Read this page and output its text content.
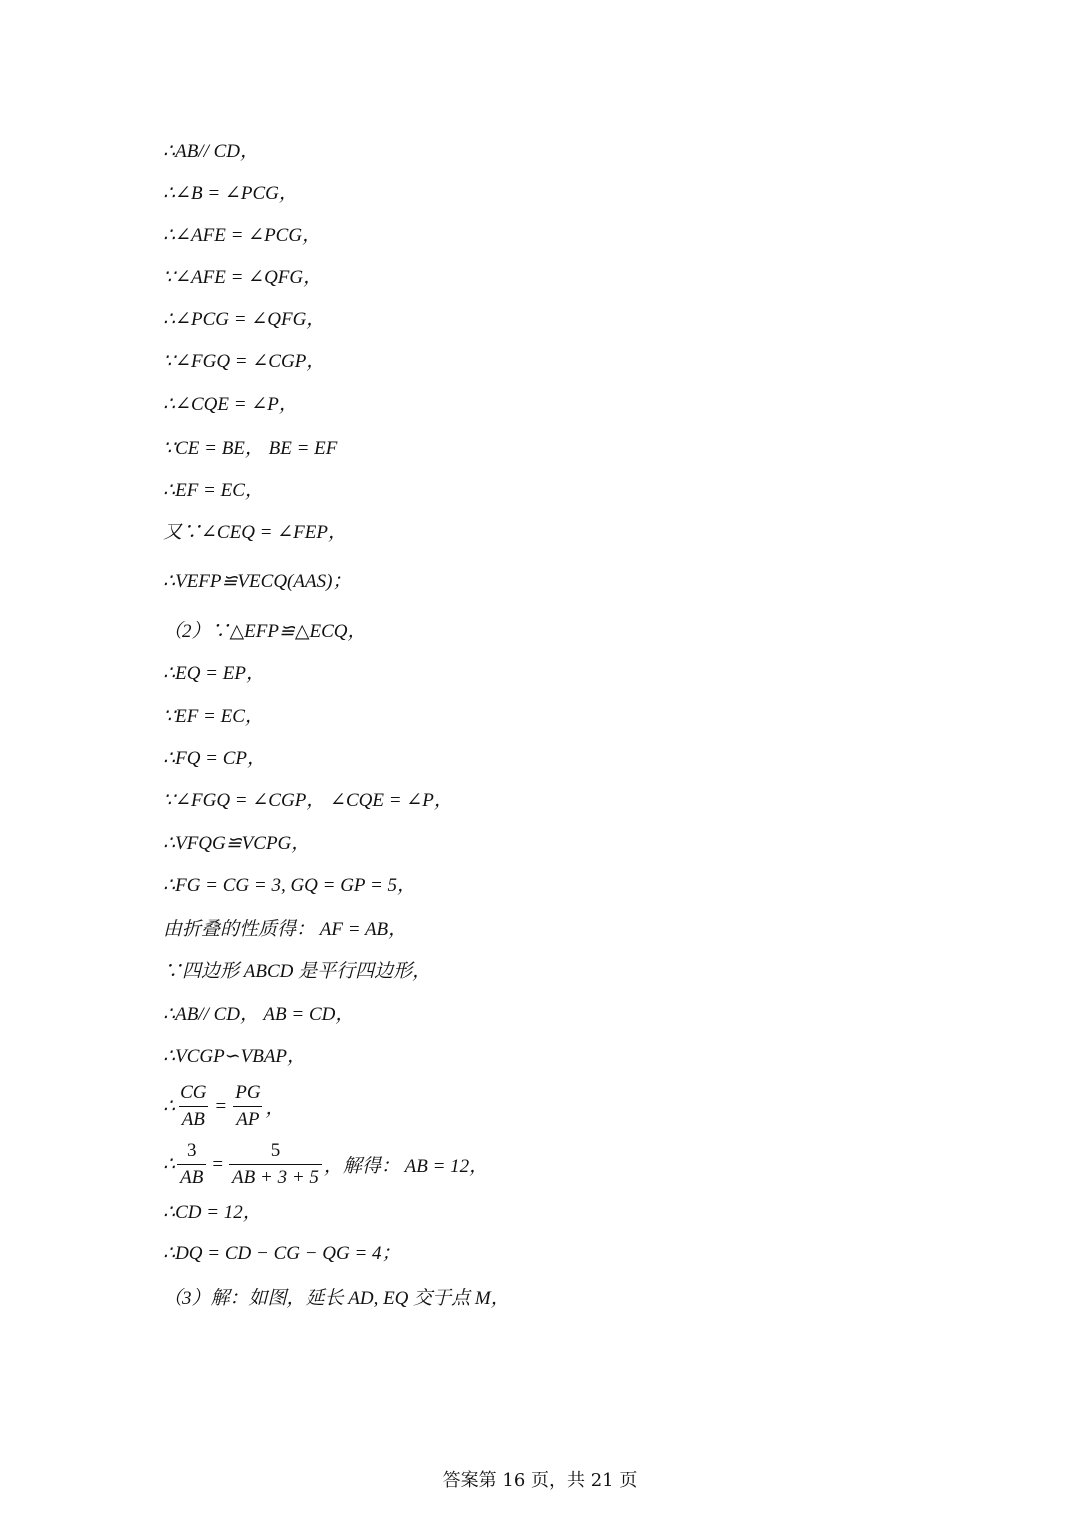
∴AB// CD，
∴∠B = ∠PCG，
∴∠AFE = ∠PCG，
∵∠AFE = ∠QFG，
∴∠PCG = ∠QFG，
∵∠FGQ = ∠CGP，
∴∠CQE = ∠P，
∵CE = BE， BE = EF
∴EF = EC，
又∵∠CEQ = ∠FEP，
∴VEFP≌VECQ(AAS)；
（2）∵△EFP≌△ECQ，
∴EQ = EP，
∵EF = EC，
∴FQ = CP，
∵∠FGQ = ∠CGP， ∠CQE = ∠P，
∴VFQG≌VCPG，
∴FG = CG = 3, GQ = GP = 5，
由折叠的性质得： AF = AB，
∵四边形 ABCD 是平行四边形，
∴AB// CD， AB = CD，
∴VCGP∽VBAP，
∴ $\frac{CG}{AB} = \frac{PG}{AP}$ ，
∴ $\frac{3}{AB} = \frac{5}{AB + 3 + 5}$ ，解得： AB = 12，
∴CD = 12，
∴DQ = CD − CG − QG = 4；
（3）解：如图，延长 AD, EQ 交于点 M，
答案第 16 页，共 21 页
